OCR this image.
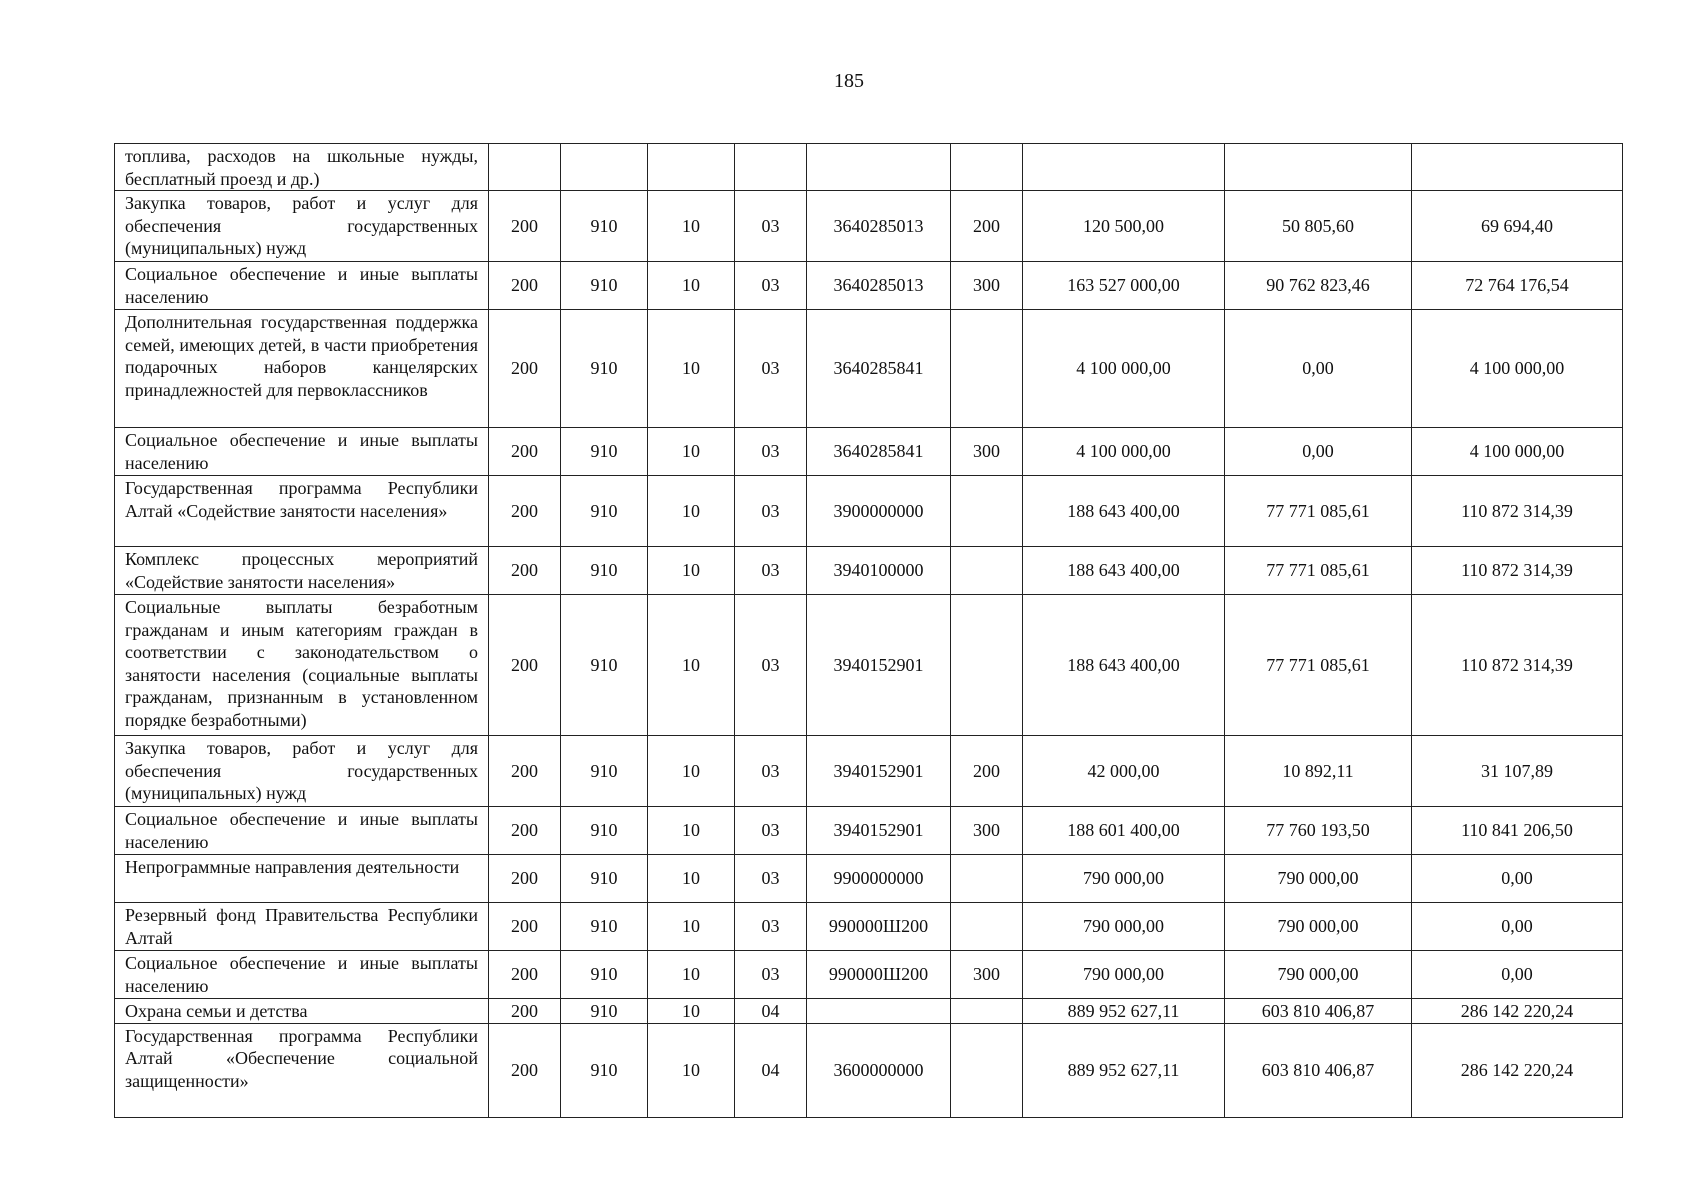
185
топлива, расходов на школьные нужды, бесплатный проезд и др.)									
Закупка товаров, работ и услуг для обеспечения государственных (муниципальных) нужд	200	910	10	03	3640285013	200	120 500,00	50 805,60	69 694,40
Социальное обеспечение и иные выплаты населению	200	910	10	03	3640285013	300	163 527 000,00	90 762 823,46	72 764 176,54
Дополнительная государственная поддержка семей, имеющих детей, в части приобретения подарочных наборов канцелярских принадлежностей для первоклассников	200	910	10	03	3640285841		4 100 000,00	0,00	4 100 000,00
Социальное обеспечение и иные выплаты населению	200	910	10	03	3640285841	300	4 100 000,00	0,00	4 100 000,00
Государственная программа Республики Алтай «Содействие занятости населения»	200	910	10	03	3900000000		188 643 400,00	77 771 085,61	110 872 314,39
Комплекс процессных мероприятий «Содействие занятости населения»	200	910	10	03	3940100000		188 643 400,00	77 771 085,61	110 872 314,39
Социальные выплаты безработным гражданам и иным категориям граждан в соответствии с законодательством о занятости населения (социальные выплаты гражданам, признанным в установленном порядке безработными)	200	910	10	03	3940152901		188 643 400,00	77 771 085,61	110 872 314,39
Закупка товаров, работ и услуг для обеспечения государственных (муниципальных) нужд	200	910	10	03	3940152901	200	42 000,00	10 892,11	31 107,89
Социальное обеспечение и иные выплаты населению	200	910	10	03	3940152901	300	188 601 400,00	77 760 193,50	110 841 206,50
Непрограммные направления деятельности	200	910	10	03	9900000000		790 000,00	790 000,00	0,00
Резервный фонд Правительства Республики Алтай	200	910	10	03	990000Ш200		790 000,00	790 000,00	0,00
Социальное обеспечение и иные выплаты населению	200	910	10	03	990000Ш200	300	790 000,00	790 000,00	0,00
Охрана семьи и детства	200	910	10	04			889 952 627,11	603 810 406,87	286 142 220,24
Государственная программа Республики Алтай «Обеспечение социальной защищенности»	200	910	10	04	3600000000		889 952 627,11	603 810 406,87	286 142 220,24
